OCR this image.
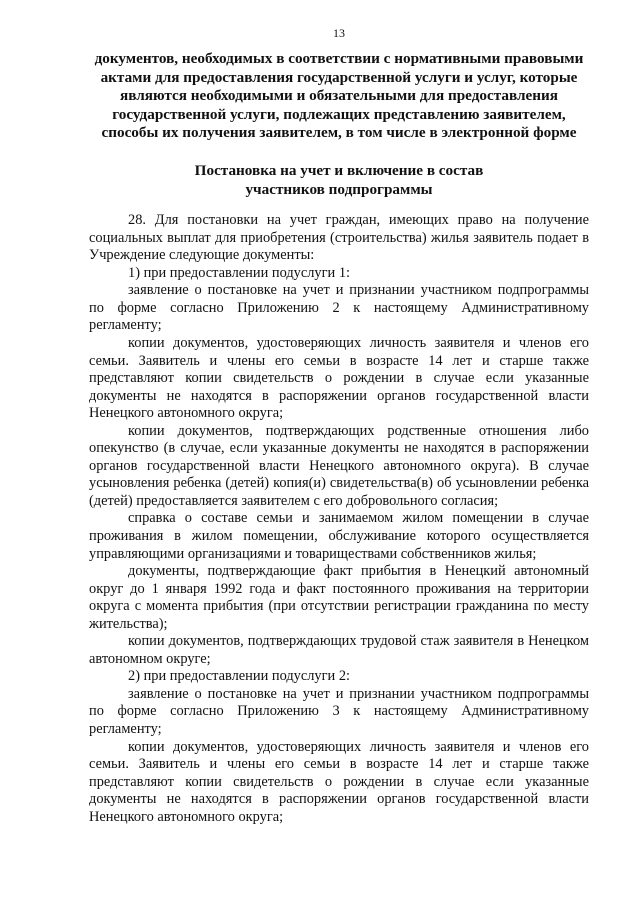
13

документов, необходимых в соответствии с нормативными правовыми

актами для предоставления государственной услуги и услуг, которые

являются необходимыми и обязательными для предоставления

государственной услуги, подлежащих представлению заявителем,

способы их получения заявителем, в том числе в электронной форме

Постановка на учет и включение в состав

участников подпрограммы

28. Для постановки на учет граждан, имеющих право на получение социальных выплат для приобретения (строительства) жилья заявитель подает в Учреждение следующие документы:

1) при предоставлении подуслуги 1:

заявление о постановке на учет и признании участником подпрограммы по форме согласно Приложению 2 к настоящему Административному регламенту;

копии документов, удостоверяющих личность заявителя и членов его семьи. Заявитель и члены его семьи в возрасте 14 лет и старше также представляют копии свидетельств о рождении в случае если указанные документы не находятся в распоряжении органов государственной власти Ненецкого автономного округа;

копии документов, подтверждающих родственные отношения либо опекунство (в случае, если указанные документы не находятся в распоряжении органов государственной власти Ненецкого автономного округа). В случае усыновления ребенка (детей) копия(и) свидетельства(в) об усыновлении ребенка (детей) предоставляется заявителем с его добровольного согласия;

справка о составе семьи и занимаемом жилом помещении в случае проживания в жилом помещении, обслуживание которого осуществляется управляющими организациями и товариществами собственников жилья;

документы, подтверждающие факт прибытия в Ненецкий автономный округ до 1 января 1992 года и факт постоянного проживания на территории округа с момента прибытия (при отсутствии регистрации гражданина по месту жительства);

копии документов, подтверждающих трудовой стаж заявителя в Ненецком автономном округе;

2) при предоставлении подуслуги 2:

заявление о постановке на учет и признании участником подпрограммы по форме согласно Приложению 3 к настоящему Административному регламенту;

копии документов, удостоверяющих личность заявителя и членов его семьи. Заявитель и члены его семьи в возрасте 14 лет и старше также представляют копии свидетельств о рождении в случае если указанные документы не находятся в распоряжении органов государственной власти Ненецкого автономного округа;
